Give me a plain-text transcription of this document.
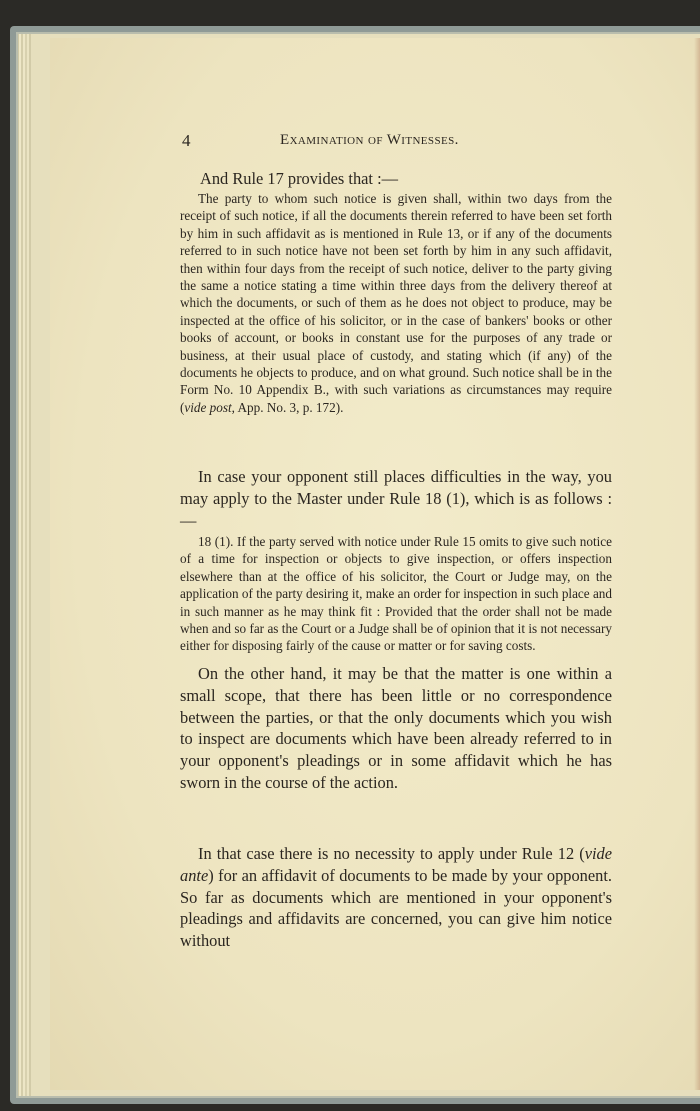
4	Examination of Witnesses.

And Rule 17 provides that :—

The party to whom such notice is given shall, within two days from the receipt of such notice, if all the documents therein referred to have been set forth by him in such affidavit as is mentioned in Rule 13, or if any of the documents referred to in such notice have not been set forth by him in any such affidavit, then within four days from the receipt of such notice, deliver to the party giving the same a notice stating a time within three days from the delivery thereof at which the documents, or such of them as he does not object to produce, may be inspected at the office of his solicitor, or in the case of bankers' books or other books of account, or books in constant use for the purposes of any trade or business, at their usual place of custody, and stating which (if any) of the documents he objects to produce, and on what ground. Such notice shall be in the Form No. 10 Appendix B., with such variations as circumstances may require (vide post, App. No. 3, p. 172).

In case your opponent still places difficulties in the way, you may apply to the Master under Rule 18 (1), which is as follows :—

18 (1). If the party served with notice under Rule 15 omits to give such notice of a time for inspection or objects to give inspection, or offers inspection elsewhere than at the office of his solicitor, the Court or Judge may, on the application of the party desiring it, make an order for inspection in such place and in such manner as he may think fit : Provided that the order shall not be made when and so far as the Court or a Judge shall be of opinion that it is not necessary either for disposing fairly of the cause or matter or for saving costs.

On the other hand, it may be that the matter is one within a small scope, that there has been little or no correspondence between the parties, or that the only documents which you wish to inspect are documents which have been already referred to in your opponent's pleadings or in some affidavit which he has sworn in the course of the action.

In that case there is no necessity to apply under Rule 12 (vide ante) for an affidavit of documents to be made by your opponent. So far as documents which are mentioned in your opponent's pleadings and affidavits are concerned, you can give him notice without
